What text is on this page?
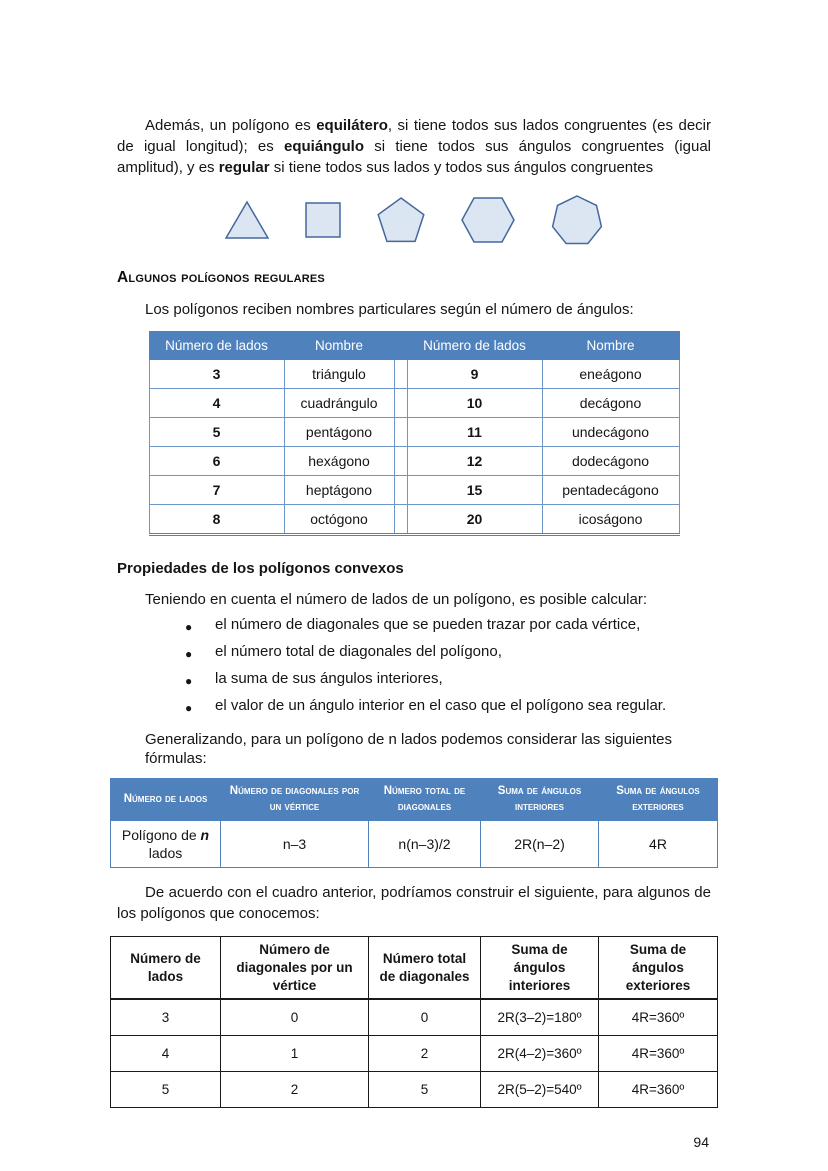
Además, un polígono es equilátero, si tiene todos sus lados congruentes (es decir de igual longitud); es equiángulo si tiene todos sus ángulos congruentes (igual amplitud), y es regular si tiene todos sus lados y todos sus ángulos congruentes

Algunos polígonos regulares
Los polígonos reciben nombres particulares según el número de ángulos:
Número de lados	Nombre		Número de lados	Nombre
3	triángulo		9	eneágono
4	cuadrángulo		10	decágono
5	pentágono		11	undecágono
6	hexágono		12	dodecágono
7	heptágono		15	pentadecágono
8	octógono		20	icoságono
Propiedades de los polígonos convexos
Teniendo en cuenta el número de lados de un polígono, es posible calcular:
●	el número de diagonales que se pueden trazar por cada vértice,
●	el número total de diagonales del polígono,
●	la suma de sus ángulos interiores,
●	el valor de un ángulo interior en el caso que el polígono sea regular.
Generalizando, para un polígono de n lados podemos considerar las siguientes fórmulas:
Número de lados	Número de diagonales por un vértice	Número total de diagonales	Suma de ángulos interiores	Suma de ángulos exteriores
Polígono de n lados	n–3	n(n–3)/2	2R(n–2)	4R

De acuerdo con el cuadro anterior, podríamos construir el siguiente, para algunos de los polígonos que conocemos:

Número de lados	Número de diagonales por un vértice	Número total de diagonales	Suma de ángulos interiores	Suma de ángulos exteriores
3	0	0	2R(3–2)=180º	4R=360º
4	1	2	2R(4–2)=360º	4R=360º
5	2	5	2R(5–2)=540º	4R=360º
94
